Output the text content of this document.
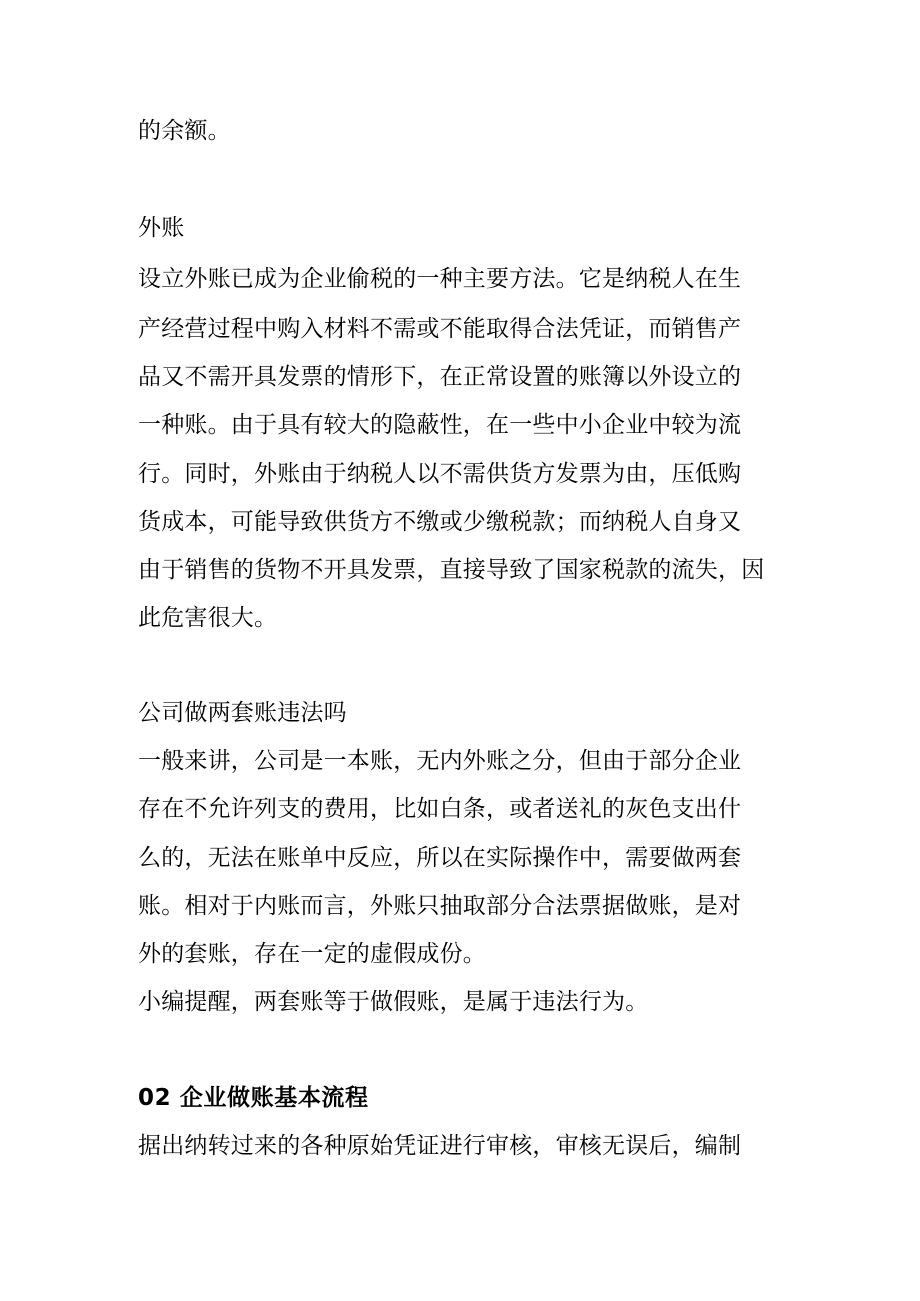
的余额。
外账
设立外账已成为企业偷税的一种主要方法。它是纳税人在生
产经营过程中购入材料不需或不能取得合法凭证，而销售产
品又不需开具发票的情形下，在正常设置的账簿以外设立的
一种账。由于具有较大的隐蔽性，在一些中小企业中较为流
行。同时，外账由于纳税人以不需供货方发票为由，压低购
货成本，可能导致供货方不缴或少缴税款；而纳税人自身又
由于销售的货物不开具发票，直接导致了国家税款的流失，因
此危害很大。
公司做两套账违法吗
一般来讲，公司是一本账，无内外账之分，但由于部分企业
存在不允许列支的费用，比如白条，或者送礼的灰色支出什
么的，无法在账单中反应，所以在实际操作中，需要做两套
账。相对于内账而言，外账只抽取部分合法票据做账，是对
外的套账，存在一定的虚假成份。
小编提醒，两套账等于做假账，是属于违法行为。
02 企业做账基本流程
据出纳转过来的各种原始凭证进行审核，审核无误后，编制
